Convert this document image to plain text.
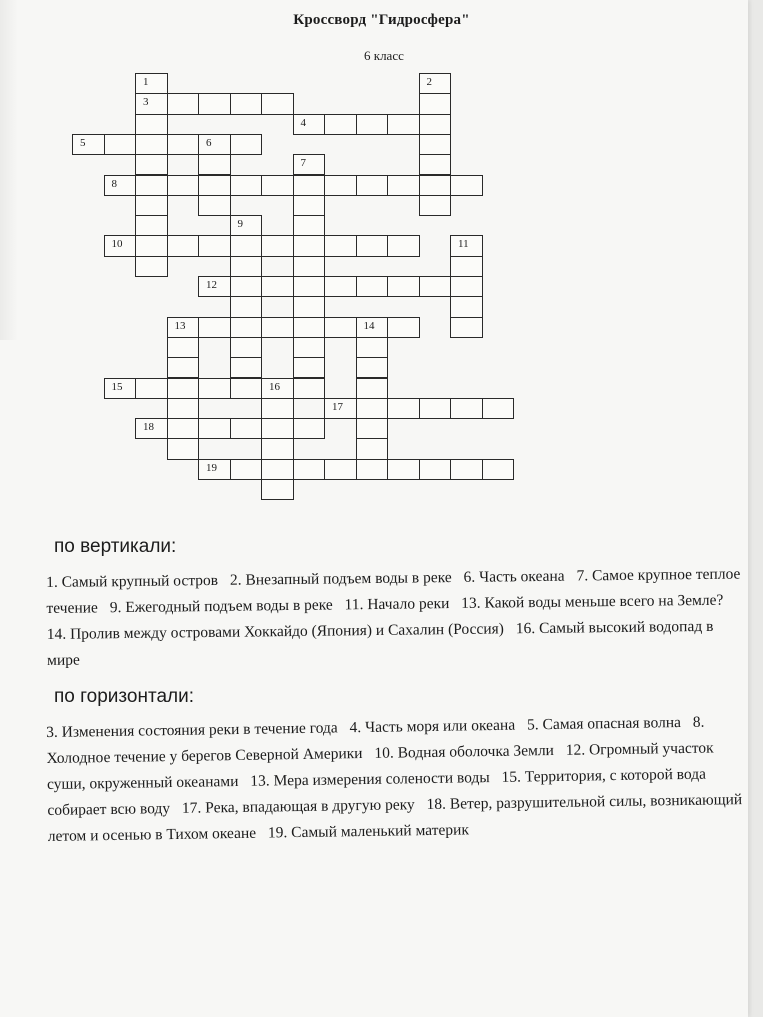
Кроссворд "Гидросфера"
6 класс
1	2
3
4
5	6
7
8
9
10	11
12
13	14
15	16
17
18
19
по вертикали:
1. Самый крупный остров 2. Внезапный подъем воды в реке 6. Часть океана 7. Самое крупное теплое течение 9. Ежегодный подъем воды в реке 11. Начало реки 13. Какой воды меньше всего на Земле? 14. Пролив между островами Хоккайдо (Япония) и Сахалин (Россия) 16. Самый высокий водопад в мире
по горизонтали:
3. Изменения состояния реки в течение года 4. Часть моря или океана 5. Самая опасная волна 8. Холодное течение у берегов Северной Америки 10. Водная оболочка Земли 12. Огромный участок суши, окруженный океанами 13. Мера измерения солености воды 15. Территория, с которой вода собирает всю воду 17. Река, впадающая в другую реку 18. Ветер, разрушительной силы, возникающий летом и осенью в Тихом океане 19. Самый маленький материк
